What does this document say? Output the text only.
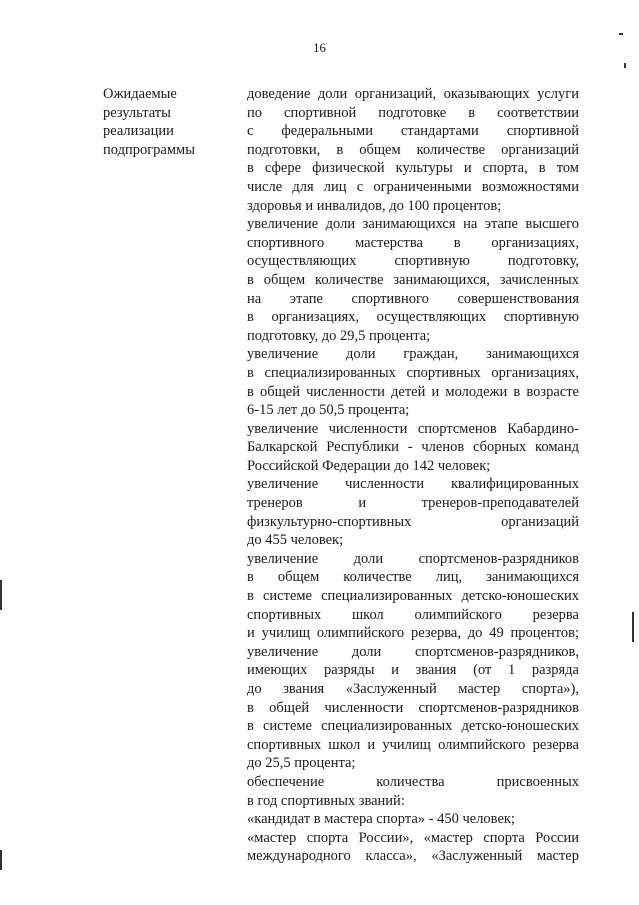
16
Ожидаемые
результаты
реализации
подпрограммы
доведение доли организаций, оказывающих услуги
по спортивной подготовке в соответствии
с федеральными стандартами спортивной
подготовки, в общем количестве организаций
в сфере физической культуры и спорта, в том
числе для лиц с ограниченными возможностями
здоровья и инвалидов, до 100 процентов;
увеличение доли занимающихся на этапе высшего
спортивного мастерства в организациях,
осуществляющих спортивную подготовку,
в общем количестве занимающихся, зачисленных
на этапе спортивного совершенствования
в организациях, осуществляющих спортивную
подготовку, до 29,5 процента;
увеличение доли граждан, занимающихся
в специализированных спортивных организациях,
в общей численности детей и молодежи в возрасте
6-15 лет до 50,5 процента;
увеличение численности спортсменов Кабардино-
Балкарской Республики - членов сборных команд
Российской Федерации до 142 человек;
увеличение численности квалифицированных
тренеров и тренеров-преподавателей
физкультурно-спортивных организаций
до 455 человек;
увеличение доли спортсменов-разрядников
в общем количестве лиц, занимающихся
в системе специализированных детско-юношеских
спортивных школ олимпийского резерва
и училищ олимпийского резерва, до 49 процентов;
увеличение доли спортсменов-разрядников,
имеющих разряды и звания (от 1 разряда
до звания «Заслуженный мастер спорта»),
в общей численности спортсменов-разрядников
в системе специализированных детско-юношеских
спортивных школ и училищ олимпийского резерва
до 25,5 процента;
обеспечение количества присвоенных
в год спортивных званий:
«кандидат в мастера спорта» - 450 человек;
«мастер спорта России», «мастер спорта России
международного класса», «Заслуженный мастер
